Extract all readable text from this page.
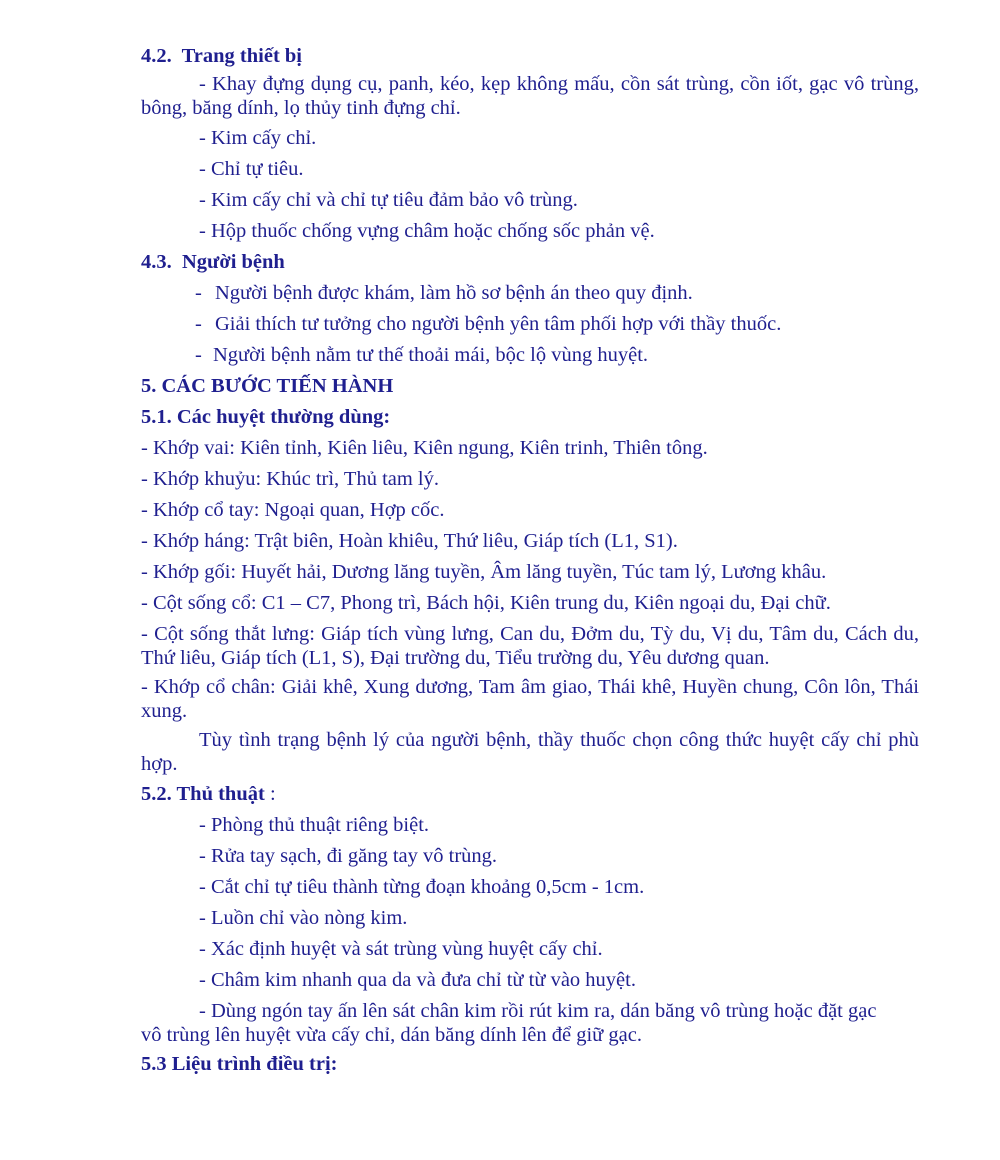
4.2. Trang thiết bị

- Khay đựng dụng cụ, panh, kéo, kẹp không mấu, cồn sát trùng, cồn iốt, gạc vô trùng, bông, băng dính, lọ thủy tinh đựng chỉ.

- Kim cấy chỉ.

- Chỉ tự tiêu.

- Kim cấy chỉ và chỉ tự tiêu đảm bảo vô trùng.

- Hộp thuốc chống vựng châm hoặc chống sốc phản vệ.

4.3. Người bệnh

- Người bệnh được khám, làm hồ sơ bệnh án theo quy định.

- Giải thích tư tưởng cho người bệnh yên tâm phối hợp với thầy thuốc.

- Người bệnh nằm tư thế thoải mái, bộc lộ vùng huyệt.

5. CÁC BƯỚC TIẾN HÀNH

5.1. Các huyệt thường dùng:

- Khớp vai: Kiên tỉnh, Kiên liêu, Kiên ngung, Kiên trinh, Thiên tông.

- Khớp khuỷu: Khúc trì, Thủ tam lý.

- Khớp cổ tay: Ngoại quan, Hợp cốc.

- Khớp háng: Trật biên, Hoàn khiêu, Thứ liêu, Giáp tích (L1, S1).

- Khớp gối: Huyết hải, Dương lăng tuyền, Âm lăng tuyền, Túc tam lý, Lương khâu.

- Cột sống cổ: C1 – C7, Phong trì, Bách hội, Kiên trung du, Kiên ngoại du, Đại chữ.

- Cột sống thắt lưng: Giáp tích vùng lưng, Can du, Đởm du, Tỳ du, Vị du, Tâm du, Cách du, Thứ liêu, Giáp tích (L1, S), Đại trường du, Tiểu trường du, Yêu dương quan.

- Khớp cổ chân: Giải khê, Xung dương, Tam âm giao, Thái khê, Huyền chung, Côn lôn, Thái xung.

Tùy tình trạng bệnh lý của người bệnh, thầy thuốc chọn công thức huyệt cấy chỉ phù hợp.

5.2. Thủ thuật :

- Phòng thủ thuật riêng biệt.

- Rửa tay sạch, đi găng tay vô trùng.

- Cắt chỉ tự tiêu thành từng đoạn khoảng 0,5cm - 1cm.

- Luồn chỉ vào nòng kim.

- Xác định huyệt và sát trùng vùng huyệt cấy chỉ.

- Châm kim nhanh qua da và đưa chỉ từ từ vào huyệt.

- Dùng ngón tay ấn lên sát chân kim rồi rút kim ra, dán băng vô trùng hoặc đặt gạc vô trùng lên huyệt vừa cấy chỉ, dán băng dính lên để giữ gạc.

5.3 Liệu trình điều trị:
